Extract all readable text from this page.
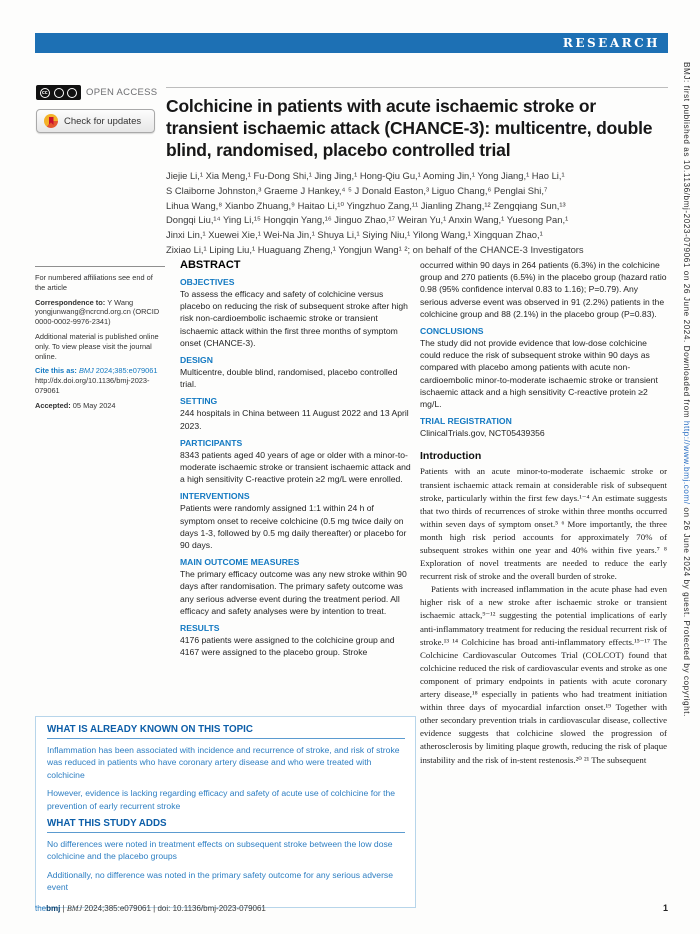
RESEARCH
cc	OPEN ACCESS
Check for updates
Colchicine in patients with acute ischaemic stroke or transient ischaemic attack (CHANCE-3): multicentre, double blind, randomised, placebo controlled trial
Jiejie Li,¹ Xia Meng,¹ Fu-Dong Shi,¹ Jing Jing,¹ Hong-Qiu Gu,¹ Aoming Jin,¹ Yong Jiang,¹ Hao Li,¹
S Claiborne Johnston,³ Graeme J Hankey,⁴ ⁵ J Donald Easton,³ Liguo Chang,⁶ Penglai Shi,⁷
Lihua Wang,⁸ Xianbo Zhuang,⁹ Haitao Li,¹⁰ Yingzhuo Zang,¹¹ Jianling Zhang,¹² Zengqiang Sun,¹³
Dongqi Liu,¹⁴ Ying Li,¹⁵ Hongqin Yang,¹⁶ Jinguo Zhao,¹⁷ Weiran Yu,¹ Anxin Wang,¹ Yuesong Pan,¹
Jinxi Lin,¹ Xuewei Xie,¹ Wei-Na Jin,¹ Shuya Li,¹ Siying Niu,¹ Yilong Wang,¹ Xingquan Zhao,¹
Zixiao Li,¹ Liping Liu,¹ Huaguang Zheng,¹ Yongjun Wang¹ ²; on behalf of the CHANCE-3 Investigators

For numbered affiliations see end of the article

Correspondence to: Y Wang
yongjunwang@ncrcnd.org.cn (ORCID 0000-0002-9976-2341)

Additional material is published online only. To view please visit the journal online.

Cite this as: BMJ 2024;385:e079061
http://dx.doi.org/10.1136/bmj-2023-079061

Accepted: 05 May 2024

ABSTRACT
OBJECTIVES
To assess the efficacy and safety of colchicine versus placebo on reducing the risk of subsequent stroke after high risk non-cardioembolic ischaemic stroke or transient ischaemic attack within the first three months of symptom onset (CHANCE-3).
DESIGN
Multicentre, double blind, randomised, placebo controlled trial.
SETTING
244 hospitals in China between 11 August 2022 and 13 April 2023.
PARTICIPANTS
8343 patients aged 40 years of age or older with a minor-to-moderate ischaemic stroke or transient ischaemic attack and a high sensitivity C-reactive protein ≥2 mg/L were enrolled.
INTERVENTIONS
Patients were randomly assigned 1:1 within 24 h of symptom onset to receive colchicine (0.5 mg twice daily on days 1-3, followed by 0.5 mg daily thereafter) or placebo for 90 days.
MAIN OUTCOME MEASURES
The primary efficacy outcome was any new stroke within 90 days after randomisation. The primary safety outcome was any serious adverse event during the treatment period. All efficacy and safety analyses were by intention to treat.
RESULTS
4176 patients were assigned to the colchicine group and 4167 were assigned to the placebo group. Stroke
occurred within 90 days in 264 patients (6.3%) in the colchicine group and 270 patients (6.5%) in the placebo group (hazard ratio 0.98 (95% confidence interval 0.83 to 1.16); P=0.79). Any serious adverse event was observed in 91 (2.2%) patients in the colchicine group and 88 (2.1%) in the placebo group (P=0.83).
CONCLUSIONS
The study did not provide evidence that low-dose colchicine could reduce the risk of subsequent stroke within 90 days as compared with placebo among patients with acute non-cardioembolic minor-to-moderate ischaemic stroke or transient ischaemic attack and a high sensitivity C-reactive protein ≥2 mg/L.
TRIAL REGISTRATION
ClinicalTrials.gov, NCT05439356
Introduction

Patients with an acute minor-to-moderate ischaemic stroke or transient ischaemic attack remain at considerable risk of subsequent stroke, particularly within the first few days.¹⁻⁴ An estimate suggests that two thirds of recurrences of stroke within three months occurred within seven days of symptom onset.⁵ ⁶ More importantly, the three month high risk period accounts for approximately 70% of subsequent strokes within one year and 40% within five years.⁷ ⁸ Exploration of novel treatments are needed to reduce the early recurrent risk of stroke and the overall burden of stroke.

Patients with increased inflammation in the acute phase had even higher risk of a new stroke after ischaemic stroke or transient ischaemic attack,⁹⁻¹² suggesting the potential implications of early anti-inflammatory treatment for reducing the residual recurrent risk of stroke.¹³ ¹⁴ Colchicine has broad anti-inflammatory effects.¹⁵⁻¹⁷ The Colchicine Cardiovascular Outcomes Trial (COLCOT) found that colchicine reduced the risk of cardiovascular events and stroke as one component of primary endpoints in patients with acute coronary artery disease,¹⁸ especially in patients who had treatment initiation within three days of myocardial infarction onset.¹⁹ Together with other secondary prevention trials in cardiovascular disease, collective evidence suggests that colchicine slowed the progression of atherosclerosis by limiting plaque growth, reducing the risk of plaque instability and the risk of in-stent restenosis.²⁰ ²¹ The subsequent

WHAT IS ALREADY KNOWN ON THIS TOPIC
Inflammation has been associated with incidence and recurrence of stroke, and risk of stroke was reduced in patients who have coronary artery disease and who were treated with colchicine
However, evidence is lacking regarding efficacy and safety of acute use of colchicine for the prevention of early recurrent stroke
WHAT THIS STUDY ADDS
No differences were noted in treatment effects on subsequent stroke between the low dose colchicine and the placebo groups
Additionally, no difference was noted in the primary safety outcome for any serious adverse event
thebmj | BMJ 2024;385:e079061 | doi: 10.1136/bmj-2023-079061	1
BMJ: first published as 10.1136/bmj-2023-079061 on 26 June 2024. Downloaded from http://www.bmj.com/ on 26 June 2024 by guest. Protected by copyright.
